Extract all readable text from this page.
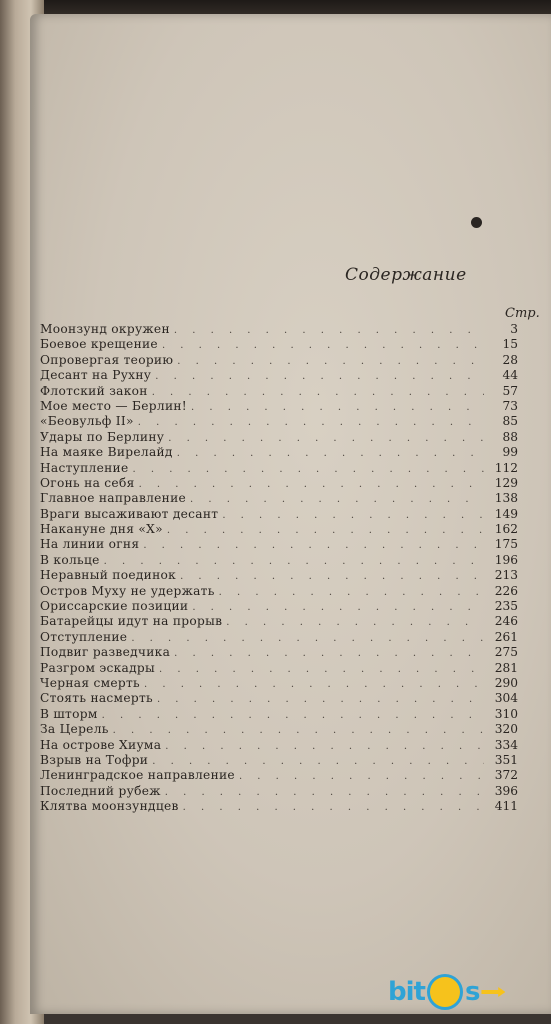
Содержание
Стр.
Моонзунд окружен . . .	3
Боевое крещение . . .	15
Опровергая теорию . . .	28
Десант на Рухну . . .	44
Флотский закон . . .	57
Мое место — Берлин! . . .	73
«Беовульф II» . . .	85
Удары по Берлину . . .	88
На маяке Вирелайд . . .	99
Наступление . . .	112
Огонь на себя . . .	129
Главное направление . . .	138
Враги высаживают десант . . .	149
Накануне дня «Х» . . .	162
На линии огня . . .	175
В кольце . . .	196
Неравный поединок . . .	213
Остров Муху не удержать . . .	226
Ориссарские позиции . . .	235
Батарейцы идут на прорыв . . .	246
Отступление . . .	261
Подвиг разведчика . . .	275
Разгром эскадры . . .	281
Черная смерть . . .	290
Стоять насмерть . . .	304
В шторм . . .	310
За Церель . . .	320
На острове Хиума . . .	334
Взрыв на Тофри . . .	351
Ленинградское направление . . .	372
Последний рубеж . . .	396
Клятва моонзундцев . . .	411
bit s
